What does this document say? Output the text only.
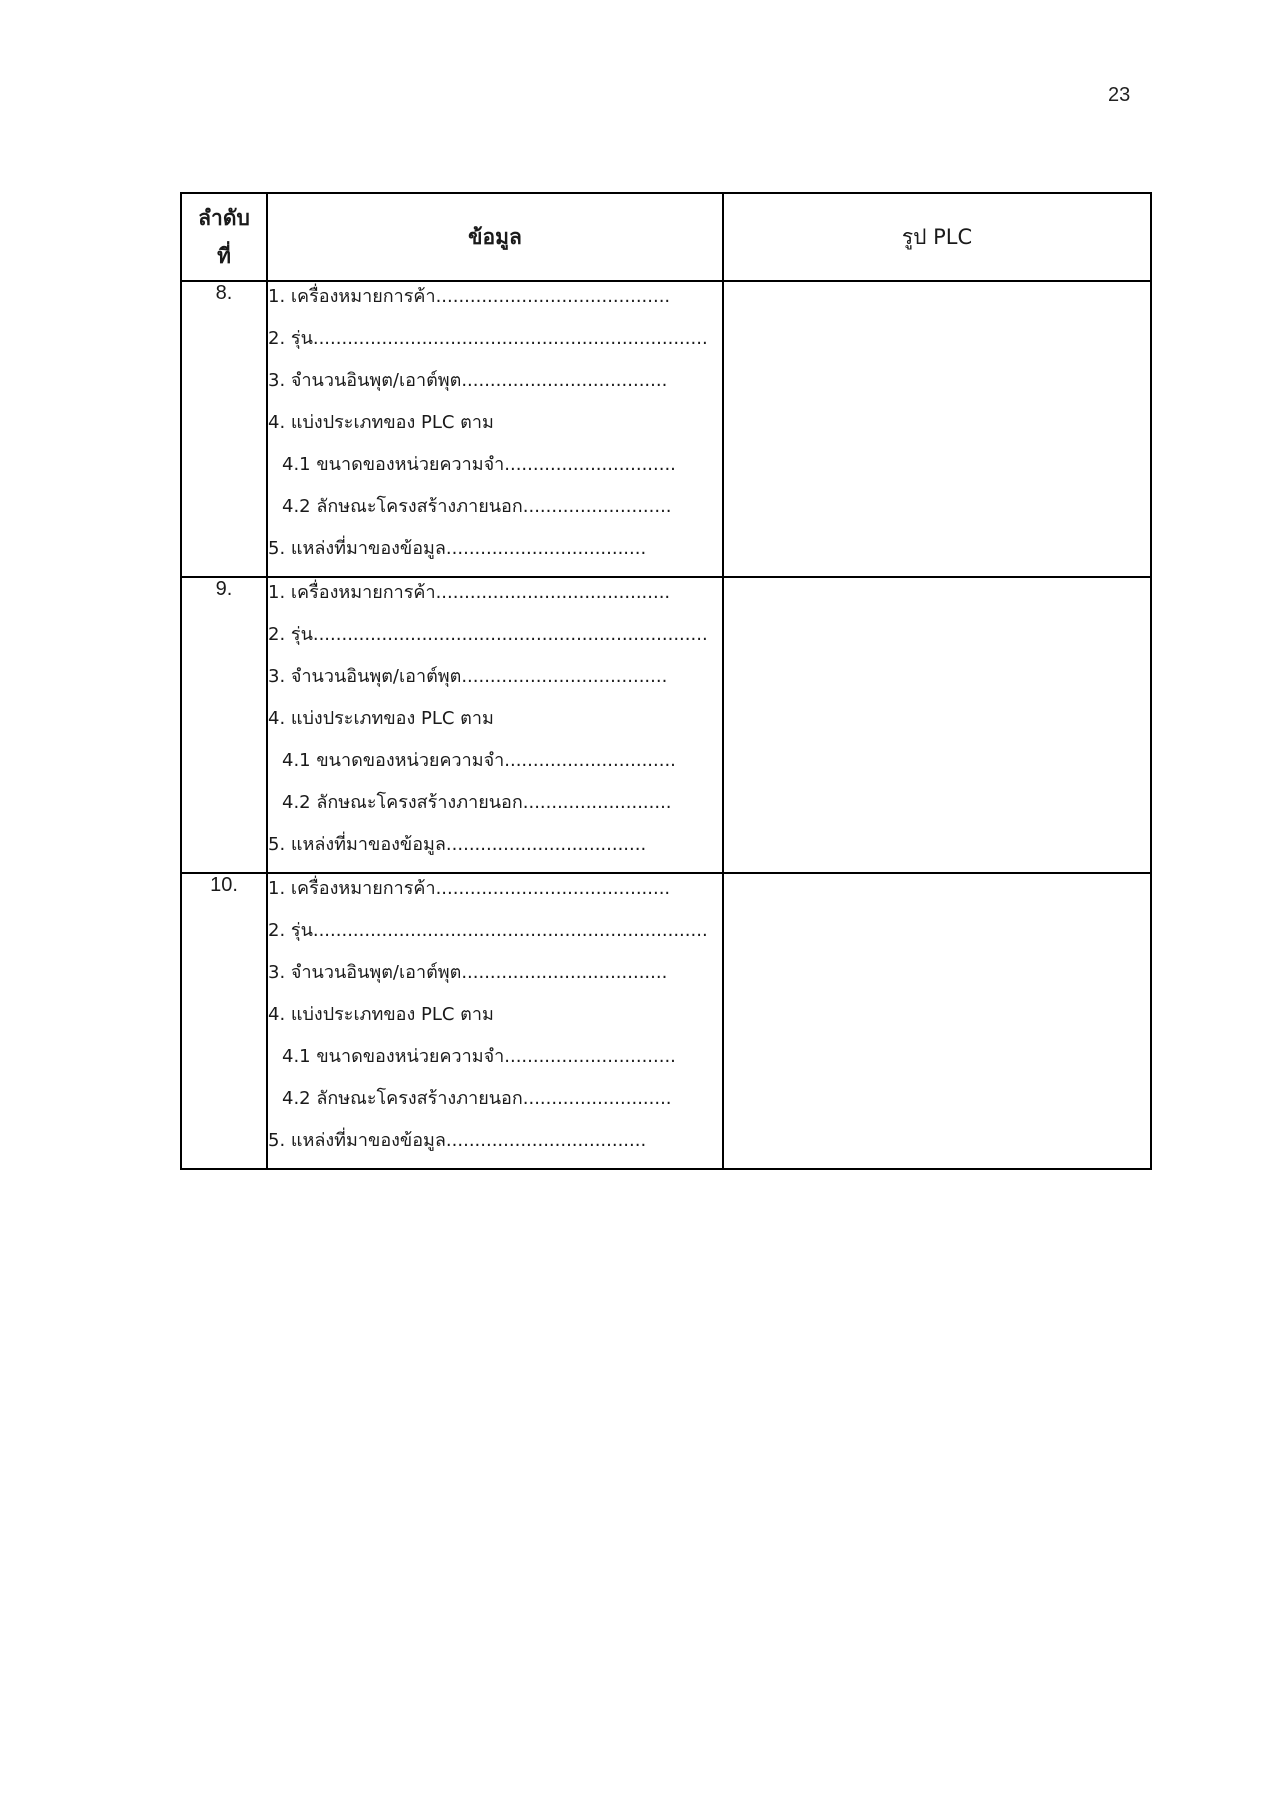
23
ลำดับ
ที่	ข้อมูล	รูป PLC
8.	1. เครื่องหมายการค้า.........................................
2. รุ่น.....................................................................
3. จำนวนอินพุต/เอาต์พุต....................................
4. แบ่งประเภทของ PLC ตาม
4.1 ขนาดของหน่วยความจำ..............................
4.2 ลักษณะโครงสร้างภายนอก..........................
5. แหล่งที่มาของข้อมูล...................................

9.	1. เครื่องหมายการค้า.........................................
2. รุ่น.....................................................................
3. จำนวนอินพุต/เอาต์พุต....................................
4. แบ่งประเภทของ PLC ตาม
4.1 ขนาดของหน่วยความจำ..............................
4.2 ลักษณะโครงสร้างภายนอก..........................
5. แหล่งที่มาของข้อมูล...................................

10.	1. เครื่องหมายการค้า.........................................
2. รุ่น.....................................................................
3. จำนวนอินพุต/เอาต์พุต....................................
4. แบ่งประเภทของ PLC ตาม
4.1 ขนาดของหน่วยความจำ..............................
4.2 ลักษณะโครงสร้างภายนอก..........................
5. แหล่งที่มาของข้อมูล...................................
